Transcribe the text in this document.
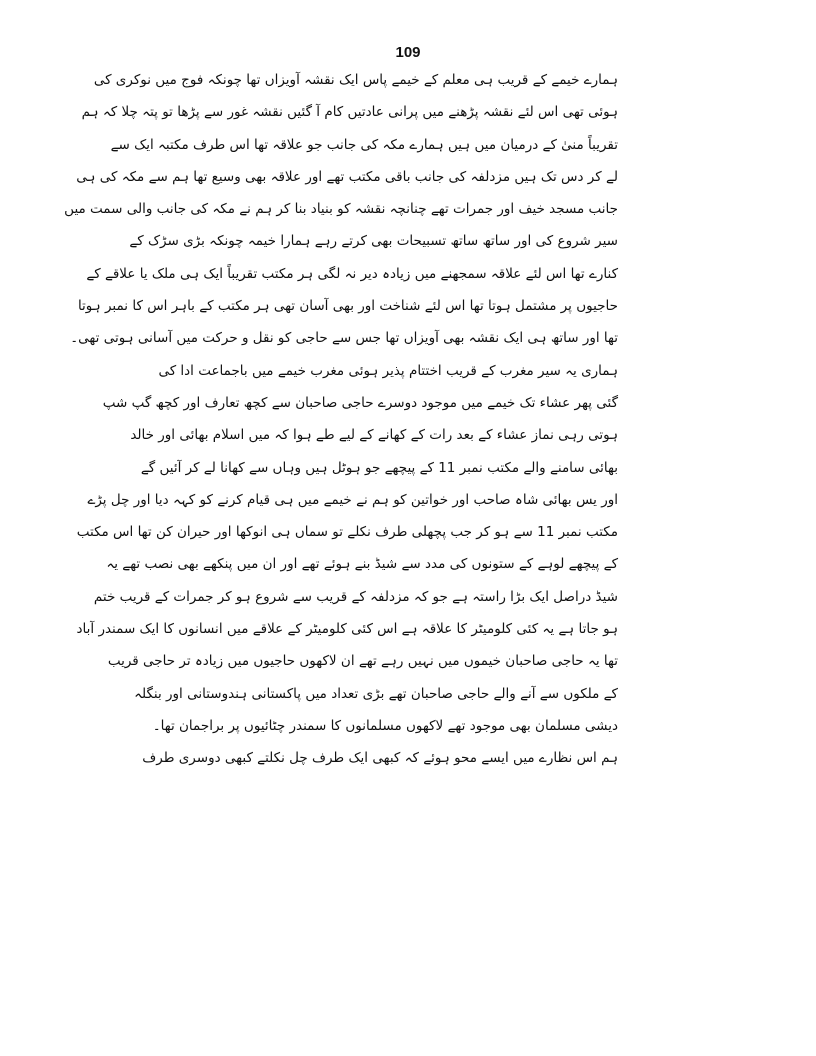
109
ہمارے خیمے کے قریب ہی معلم کے خیمے پاس ایک نقشہ آویزاں تھا چونکہ فوج میں نوکری کی
ہوئی تھی اس لئے نقشہ پڑھنے میں پرانی عادتیں کام آ گئیں نقشہ غور سے پڑھا تو پتہ چلا کہ ہم
تقریباً منیٰ کے درمیان میں ہیں ہمارے مکہ کی جانب جو علاقہ تھا اس طرف مکتبہ ایک سے
لے کر دس تک ہیں مزدلفہ کی جانب باقی مکتب تھے اور علاقہ بھی وسیع تھا ہم سے مکہ کی ہی
جانب مسجد خیف اور جمرات تھے چنانچہ نقشہ کو بنیاد بنا کر ہم نے مکہ کی جانب والی سمت میں
سیر شروع کی اور ساتھ ساتھ تسبیحات بھی کرتے رہے ہمارا خیمہ چونکہ بڑی سڑک کے
کنارے تھا اس لئے علاقہ سمجھنے میں زیادہ دیر نہ لگی ہر مکتب تقریباً ایک ہی ملک یا علاقے کے
حاجیوں پر مشتمل ہوتا تھا اس لئے شناخت اور بھی آسان تھی ہر مکتب کے باہر اس کا نمبر ہوتا
تھا اور ساتھ ہی ایک نقشہ بھی آویزاں تھا جس سے حاجی کو نقل و حرکت میں آسانی ہوتی تھی۔
ہماری یہ سیر مغرب کے قریب اختتام پذیر ہوئی مغرب خیمے میں باجماعت ادا کی
گئی پھر عشاء تک خیمے میں موجود دوسرے حاجی صاحبان سے کچھ تعارف اور کچھ گپ شپ
ہوتی رہی نماز عشاء کے بعد رات کے کھانے کے لیے طے ہوا کہ میں اسلام بھائی اور خالد
بھائی سامنے والے مکتب نمبر 11 کے پیچھے جو ہوٹل ہیں وہاں سے کھانا لے کر آئیں گے
اور یس بھائی شاہ صاحب اور خواتین کو ہم نے خیمے میں ہی قیام کرنے کو کہہ دیا اور چل پڑے
مکتب نمبر 11 سے ہو کر جب پچھلی طرف نکلے تو سماں ہی انوکھا اور حیران کن تھا اس مکتب
کے پیچھے لوہے کے ستونوں کی مدد سے شیڈ بنے ہوئے تھے اور ان میں پنکھے بھی نصب تھے یہ
شیڈ دراصل ایک بڑا راستہ ہے جو کہ مزدلفہ کے قریب سے شروع ہو کر جمرات کے قریب ختم
ہو جاتا ہے یہ کئی کلومیٹر کا علاقہ ہے اس کئی کلومیٹر کے علاقے میں انسانوں کا ایک سمندر آباد
تھا یہ حاجی صاحبان خیموں میں نہیں رہے تھے ان لاکھوں حاجیوں میں زیادہ تر حاجی قریب
کے ملکوں سے آنے والے حاجی صاحبان تھے بڑی تعداد میں پاکستانی ہندوستانی اور بنگلہ
دیشی مسلمان بھی موجود تھے لاکھوں مسلمانوں کا سمندر چٹائیوں پر براجمان تھا۔
ہم اس نظارے میں ایسے محو ہوئے کہ کبھی ایک طرف چل نکلتے کبھی دوسری طرف
